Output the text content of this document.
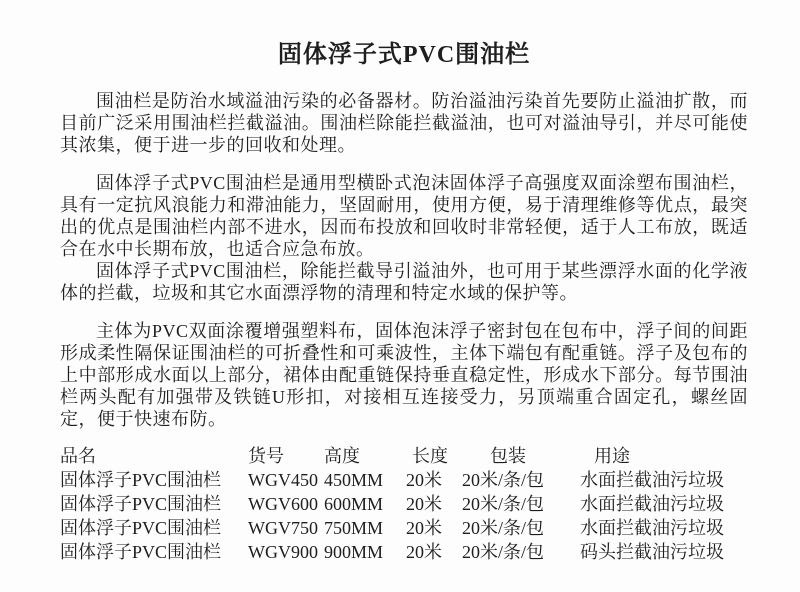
固体浮子式PVC围油栏

围油栏是防治水域溢油污染的必备器材。防治溢油污染首先要防止溢油扩散，而目前广泛采用围油栏拦截溢油。围油栏除能拦截溢油，也可对溢油导引，并尽可能使其浓集，便于进一步的回收和处理。

固体浮子式PVC围油栏是通用型横卧式泡沫固体浮子高强度双面涂塑布围油栏，具有一定抗风浪能力和滞油能力，坚固耐用，使用方便，易于清理维修等优点，最突出的优点是围油栏内部不进水，因而布投放和回收时非常轻便，适于人工布放，既适合在水中长期布放，也适合应急布放。

固体浮子式PVC围油栏，除能拦截导引溢油外，也可用于某些漂浮水面的化学液体的拦截，垃圾和其它水面漂浮物的清理和特定水域的保护等。

主体为PVC双面涂覆增强塑料布，固体泡沫浮子密封包在包布中，浮子间的间距形成柔性隔保证围油栏的可折叠性和可乘波性，主体下端包有配重链。浮子及包布的上中部形成水面以上部分，裙体由配重链保持垂直稳定性，形成水下部分。每节围油栏两头配有加强带及铁链U形扣，对接相互连接受力，另顶端重合固定孔，螺丝固定，便于快速布防。

品名	货号	高度	长度	包装	用途
固体浮子PVC围油栏	WGV450	450MM	20米	20米/条/包	水面拦截油污垃圾
固体浮子PVC围油栏	WGV600	600MM	20米	20米/条/包	水面拦截油污垃圾
固体浮子PVC围油栏	WGV750	750MM	20米	20米/条/包	水面拦截油污垃圾
固体浮子PVC围油栏	WGV900	900MM	20米	20米/条/包	码头拦截油污垃圾
